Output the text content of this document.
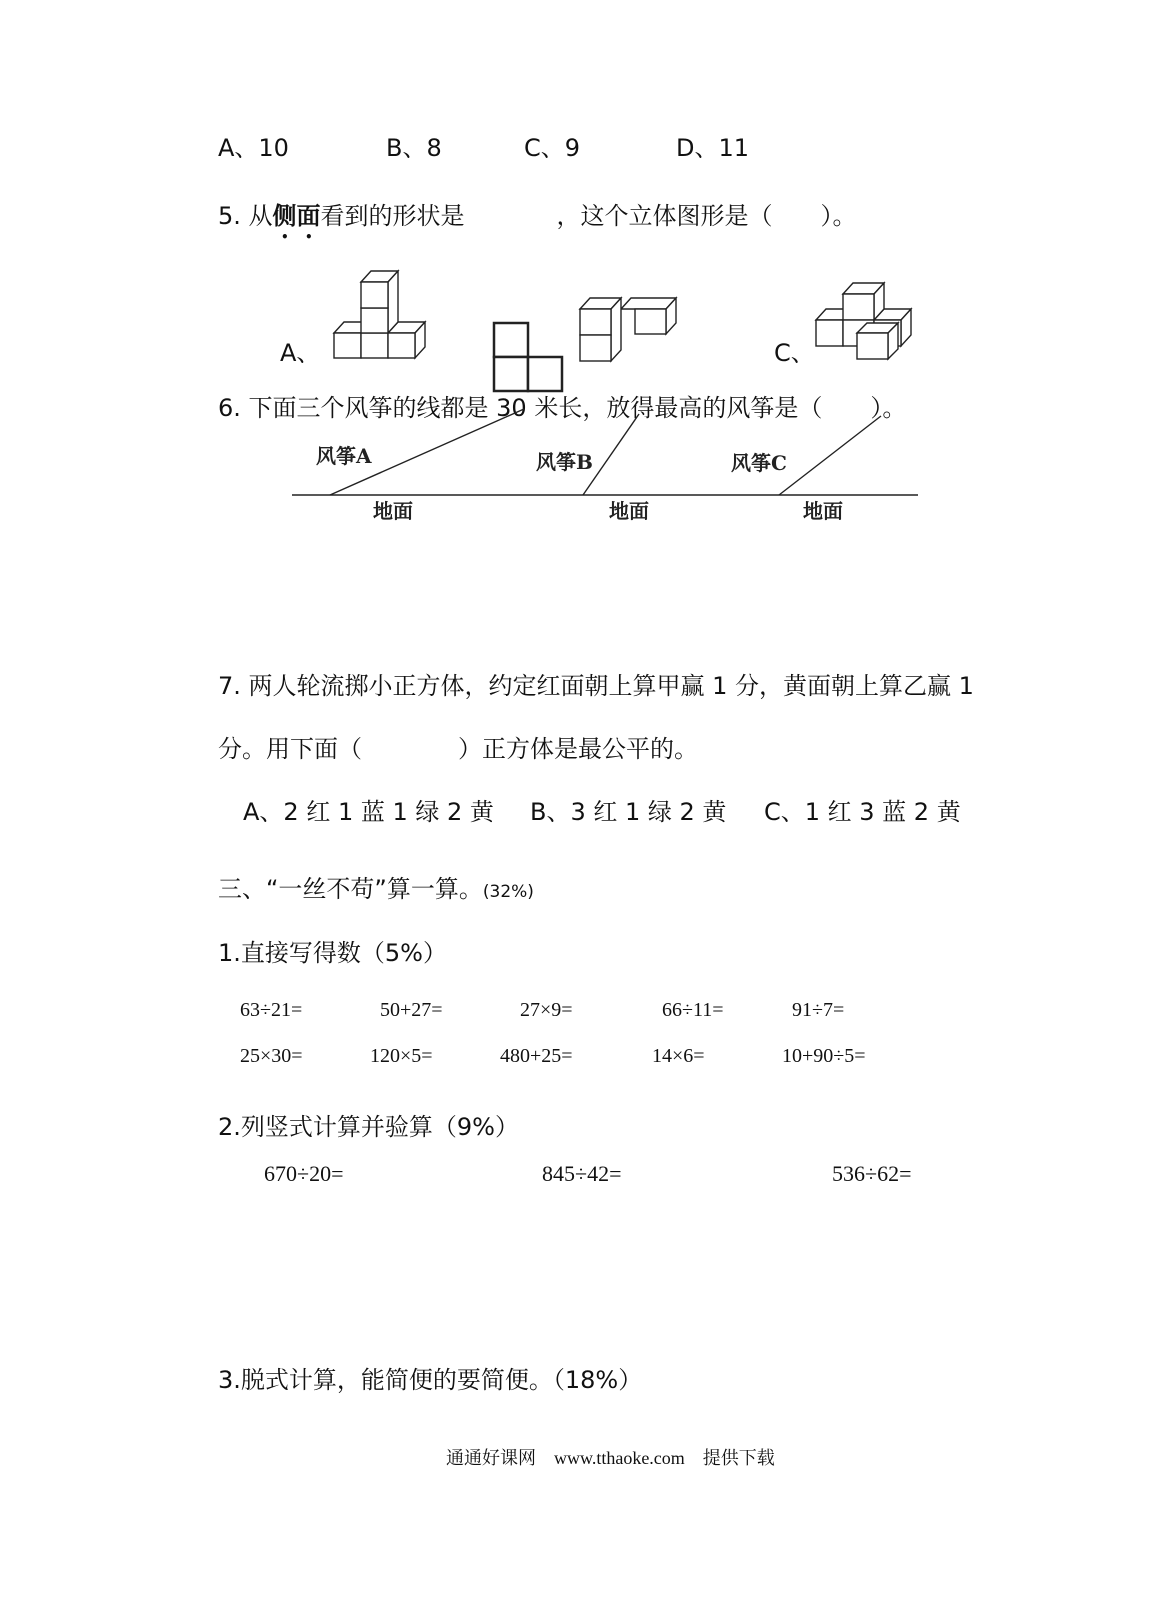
A、10	B、8	C、9	D、11
5. 从侧面看到的形状是	，这个立体图形是（　　）。
A、	C、
6. 下面三个风筝的线都是 30 米长，放得最高的风筝是（　　）。
风筝A	风筝B	风筝C
地面	地面	地面
7. 两人轮流掷小正方体，约定红面朝上算甲赢 1 分，黄面朝上算乙赢 1
分。用下面（　　　　）正方体是最公平的。
A、2 红 1 蓝 1 绿 2 黄 B、3 红 1 绿 2 黄 C、1 红 3 蓝 2 黄
三、“一丝不苟”算一算。(32%)
1.直接写得数（5%）
63÷21=	50+27=	27×9=	66÷11=	91÷7=
25×30=	120×5=	480+25=	14×6=	10+90÷5=
2.列竖式计算并验算（9%）
670÷20=	845÷42=	536÷62=
3.脱式计算，能简便的要简便。（18%）
通通好课网　www.tthaoke.com　提供下载
